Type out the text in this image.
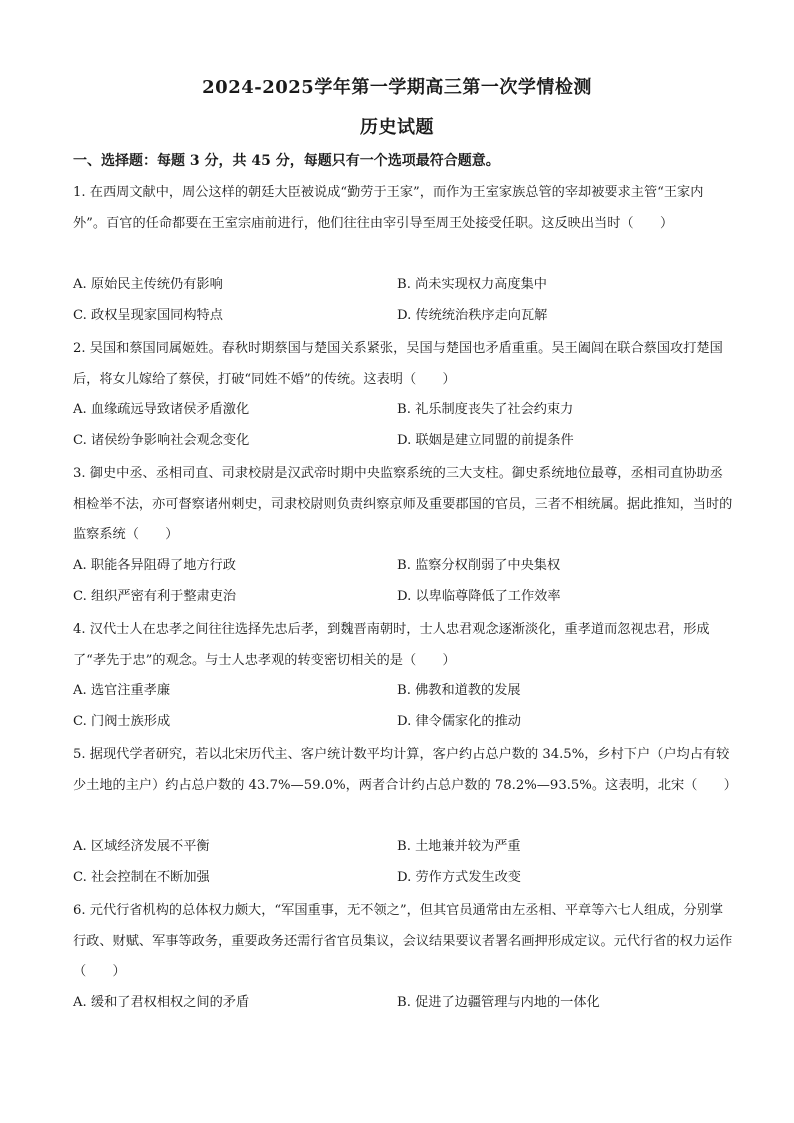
2024-2025学年第一学期高三第一次学情检测
历史试题
一、选择题：每题 3 分，共 45 分，每题只有一个选项最符合题意。
1. 在西周文献中，周公这样的朝廷大臣被说成“勤劳于王家”，而作为王室家族总管的宰却被要求主管“王家内外”。百官的任命都要在王室宗庙前进行，他们往往由宰引导至周王处接受任职。这反映出当时（　　）
A. 原始民主传统仍有影响	B. 尚未实现权力高度集中
C. 政权呈现家国同构特点	D. 传统统治秩序走向瓦解
2. 吴国和蔡国同属姬姓。春秋时期蔡国与楚国关系紧张，吴国与楚国也矛盾重重。吴王阖闾在联合蔡国攻打楚国后，将女儿嫁给了蔡侯，打破“同姓不婚”的传统。这表明（　　）
A. 血缘疏远导致诸侯矛盾激化	B. 礼乐制度丧失了社会约束力
C. 诸侯纷争影响社会观念变化	D. 联姻是建立同盟的前提条件
3. 御史中丞、丞相司直、司隶校尉是汉武帝时期中央监察系统的三大支柱。御史系统地位最尊，丞相司直协助丞相检举不法，亦可督察诸州刺史，司隶校尉则负责纠察京师及重要郡国的官员，三者不相统属。据此推知，当时的监察系统（　　）
A. 职能各异阻碍了地方行政	B. 监察分权削弱了中央集权
C. 组织严密有利于整肃吏治	D. 以卑临尊降低了工作效率
4. 汉代士人在忠孝之间往往选择先忠后孝，到魏晋南朝时，士人忠君观念逐渐淡化，重孝道而忽视忠君，形成了“孝先于忠”的观念。与士人忠孝观的转变密切相关的是（　　）
A. 选官注重孝廉	B. 佛教和道教的发展
C. 门阀士族形成	D. 律令儒家化的推动
5. 据现代学者研究，若以北宋历代主、客户统计数平均计算，客户约占总户数的 34.5%，乡村下户（户均占有较少土地的主户）约占总户数的 43.7%—59.0%，两者合计约占总户数的 78.2%—93.5%。这表明，北宋（　　）
A. 区域经济发展不平衡	B. 土地兼并较为严重
C. 社会控制在不断加强	D. 劳作方式发生改变
6. 元代行省机构的总体权力颇大，“军国重事，无不领之”，但其官员通常由左丞相、平章等六七人组成，分别掌行政、财赋、军事等政务，重要政务还需行省官员集议，会议结果要议者署名画押形成定议。元代行省的权力运作（　　）
A. 缓和了君权相权之间的矛盾	B. 促进了边疆管理与内地的一体化
